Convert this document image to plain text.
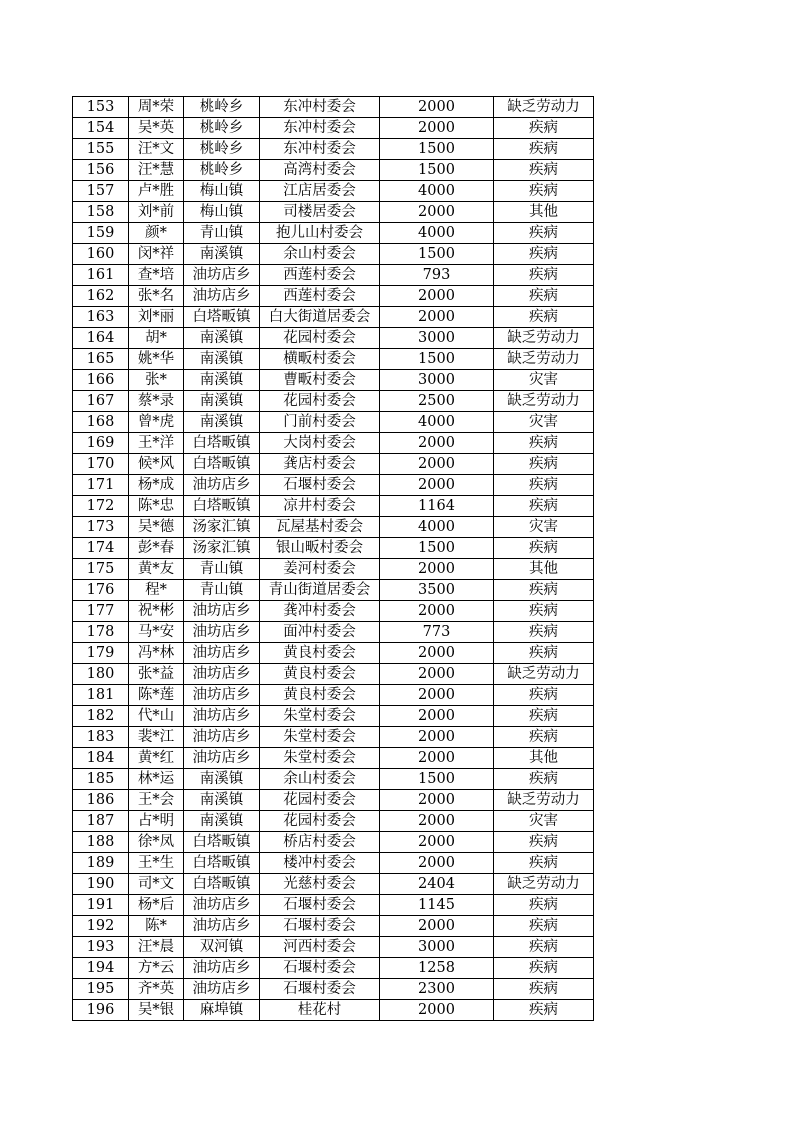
153	周*荣	桃岭乡	东冲村委会	2000	缺乏劳动力
154	吴*英	桃岭乡	东冲村委会	2000	疾病
155	汪*文	桃岭乡	东冲村委会	1500	疾病
156	汪*慧	桃岭乡	高湾村委会	1500	疾病
157	卢*胜	梅山镇	江店居委会	4000	疾病
158	刘*前	梅山镇	司楼居委会	2000	其他
159	颜*	青山镇	抱儿山村委会	4000	疾病
160	闵*祥	南溪镇	余山村委会	1500	疾病
161	查*培	油坊店乡	西莲村委会	793	疾病
162	张*名	油坊店乡	西莲村委会	2000	疾病
163	刘*丽	白塔畈镇	白大街道居委会	2000	疾病
164	胡*	南溪镇	花园村委会	3000	缺乏劳动力
165	姚*华	南溪镇	横畈村委会	1500	缺乏劳动力
166	张*	南溪镇	曹畈村委会	3000	灾害
167	蔡*录	南溪镇	花园村委会	2500	缺乏劳动力
168	曾*虎	南溪镇	门前村委会	4000	灾害
169	王*洋	白塔畈镇	大岗村委会	2000	疾病
170	候*风	白塔畈镇	龚店村委会	2000	疾病
171	杨*成	油坊店乡	石堰村委会	2000	疾病
172	陈*忠	白塔畈镇	凉井村委会	1164	疾病
173	吴*德	汤家汇镇	瓦屋基村委会	4000	灾害
174	彭*春	汤家汇镇	银山畈村委会	1500	疾病
175	黄*友	青山镇	姜河村委会	2000	其他
176	程*	青山镇	青山街道居委会	3500	疾病
177	祝*彬	油坊店乡	龚冲村委会	2000	疾病
178	马*安	油坊店乡	面冲村委会	773	疾病
179	冯*林	油坊店乡	黄良村委会	2000	疾病
180	张*益	油坊店乡	黄良村委会	2000	缺乏劳动力
181	陈*莲	油坊店乡	黄良村委会	2000	疾病
182	代*山	油坊店乡	朱堂村委会	2000	疾病
183	裴*江	油坊店乡	朱堂村委会	2000	疾病
184	黄*红	油坊店乡	朱堂村委会	2000	其他
185	林*运	南溪镇	余山村委会	1500	疾病
186	王*会	南溪镇	花园村委会	2000	缺乏劳动力
187	占*明	南溪镇	花园村委会	2000	灾害
188	徐*凤	白塔畈镇	桥店村委会	2000	疾病
189	王*生	白塔畈镇	楼冲村委会	2000	疾病
190	司*文	白塔畈镇	光慈村委会	2404	缺乏劳动力
191	杨*后	油坊店乡	石堰村委会	1145	疾病
192	陈*	油坊店乡	石堰村委会	2000	疾病
193	汪*晨	双河镇	河西村委会	3000	疾病
194	方*云	油坊店乡	石堰村委会	1258	疾病
195	齐*英	油坊店乡	石堰村委会	2300	疾病
196	吴*银	麻埠镇	桂花村	2000	疾病
